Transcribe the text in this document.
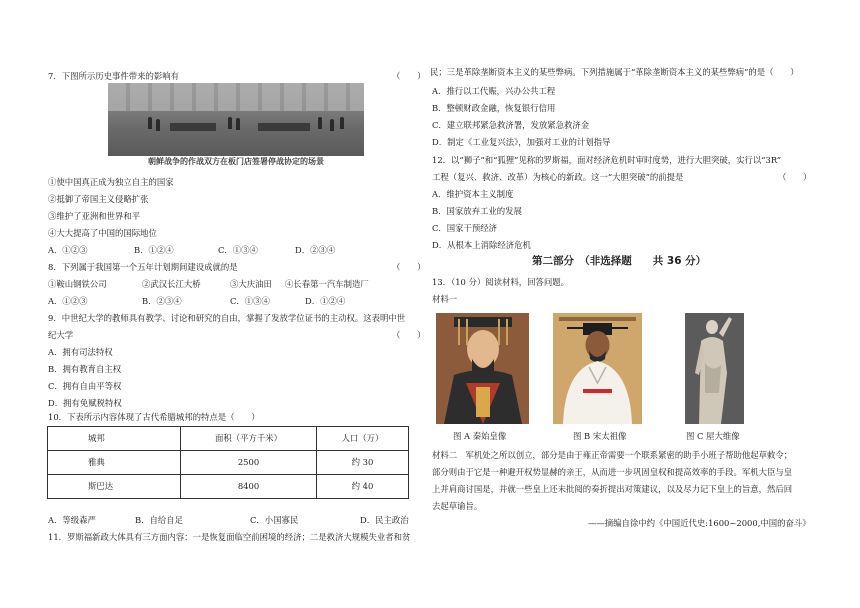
7．下图所示历史事件带来的影响有	（　　）
朝鲜战争的作战双方在板门店签署停战协定的场景
①使中国真正成为独立自主的国家
②抵御了帝国主义侵略扩张
③维护了亚洲和世界和平
④大大提高了中国的国际地位
A．①②③	B．①②④	C．①③④	D．②③④
8．下列属于我国第一个五年计划期间建设成就的是	（　　）
①鞍山钢铁公司	②武汉长江大桥	③大庆油田 ④长春第一汽车制造厂
A．①②③	B．②③④	C．①③④	D．①②④
9．中世纪大学的教师具有教学、讨论和研究的自由，掌握了发放学位证书的主动权。这表明中世
纪大学	（　　）
A．拥有司法特权
B．拥有教育自主权
C．拥有自由平等权
D．拥有免赋税特权
10．下表所示内容体现了古代希腊城邦的特点是（　　）
城邦	面积（平方千米）	人口（万）
雅典	2500	约 30
斯巴达	8400	约 40
A．等级森严	B．自给自足	C．小国寡民	D．民主政治
11．罗斯福新政大体具有三方面内容：一是恢复面临空前困境的经济；二是救济大规模失业者和贫
民；三是革除垄断资本主义的某些弊病。下列措施属于“革除垄断资本主义的某些弊病”的是（　　）
A．推行以工代赈，兴办公共工程
B．整顿财政金融，恢复银行信用
C．建立联邦紧急救济署，发放紧急救济金
D．制定《工业复兴法》，加强对工业的计划指导
12．以“狮子”和“狐狸”见称的罗斯福，面对经济危机时审时度势，进行大胆突破，实行以“3R”
工程（复兴、救济、改革）为核心的新政。这一“大胆突破”的前提是	（　　）
A．维护资本主义制度
B．国家放弃工业的发展
C．国家干预经济
D．从根本上消除经济危机
第二部分　（非选择题　　共 36 分）
13．（10 分）阅读材料，回答问题。
材料一
图 A 秦始皇像	图 B 宋太祖像	图 C 屋大维像
材料二　军机处之所以创立，部分是由于雍正帝需要一个联系紧密的助手小班子帮助他起草敕令；
部分则由于它是一种避开权势显赫的亲王，从而进一步巩固皇权和提高效率的手段。军机大臣与皇
上并肩商讨国是，并就一些皇上还未批阅的奏折提出对策建议，以及尽力记下皇上的旨意，然后回
去起草谕旨。
——摘编自徐中约《中国近代史:1600~2000,中国的奋斗》
